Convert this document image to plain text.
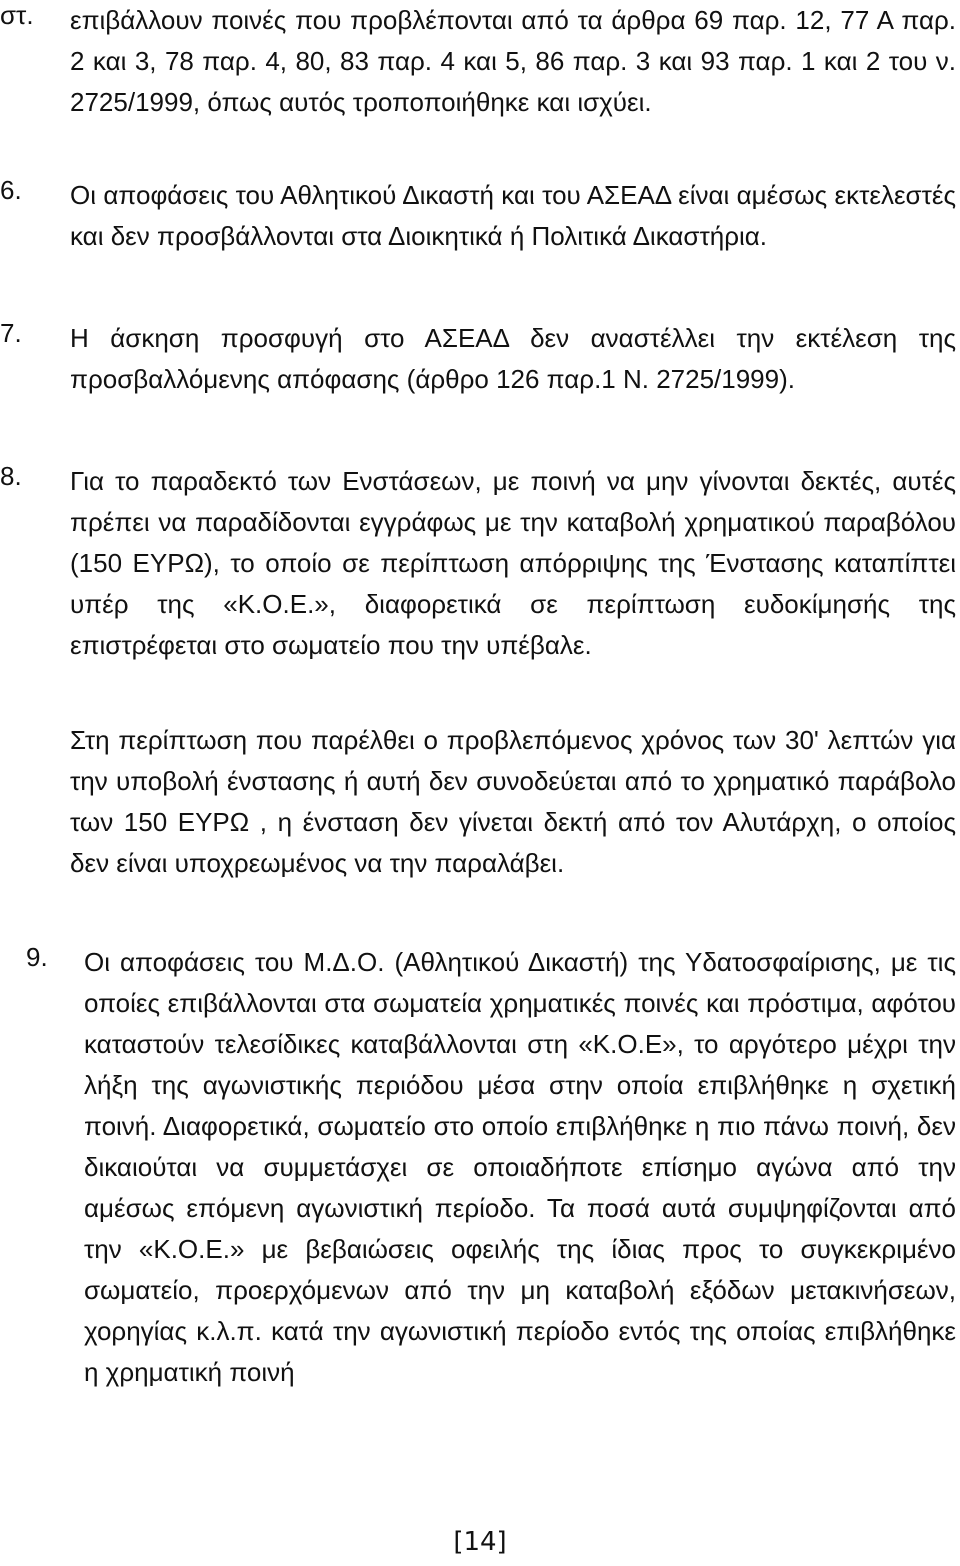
στ. επιβάλλουν ποινές που προβλέπονται από τα άρθρα 69 παρ. 12, 77 Α παρ. 2 και 3, 78 παρ. 4, 80, 83 παρ. 4 και 5, 86 παρ. 3 και 93 παρ. 1 και 2 του ν. 2725/1999, όπως αυτός τροποποιήθηκε και ισχύει.

6. Οι αποφάσεις του Αθλητικού Δικαστή και του ΑΣΕΑΔ είναι αμέσως εκτελεστές και δεν προσβάλλονται στα Διοικητικά ή Πολιτικά Δικαστήρια.

7. Η άσκηση προσφυγή στο ΑΣΕΑΔ δεν αναστέλλει την εκτέλεση της προσβαλλόμενης απόφασης (άρθρο 126 παρ.1 Ν. 2725/1999).

8. Για το παραδεκτό των Ενστάσεων, με ποινή να μην γίνονται δεκτές, αυτές πρέπει να παραδίδονται εγγράφως με την καταβολή χρηματικού παραβόλου (150 ΕΥΡΩ), το οποίο σε περίπτωση απόρριψης της Ένστασης καταπίπτει υπέρ της «Κ.Ο.Ε.», διαφορετικά σε περίπτωση ευδοκίμησής της επιστρέφεται στο σωματείο που την υπέβαλε.

Στη περίπτωση που παρέλθει ο προβλεπόμενος χρόνος των 30' λεπτών για την υποβολή ένστασης ή αυτή δεν συνοδεύεται από το χρηματικό παράβολο των 150 ΕΥΡΩ , η ένσταση δεν γίνεται δεκτή από τον Αλυτάρχη, ο οποίος δεν είναι υποχρεωμένος να την παραλάβει.

9. Οι αποφάσεις του Μ.Δ.Ο. (Αθλητικού Δικαστή) της Υδατοσφαίρισης, με τις οποίες επιβάλλονται στα σωματεία χρηματικές ποινές και πρόστιμα, αφότου καταστούν τελεσίδικες καταβάλλονται στη «Κ.Ο.Ε», το αργότερο μέχρι την λήξη της αγωνιστικής περιόδου μέσα στην οποία επιβλήθηκε η σχετική ποινή. Διαφορετικά, σωματείο στο οποίο επιβλήθηκε η πιο πάνω ποινή, δεν δικαιούται να συμμετάσχει σε οποιαδήποτε επίσημο αγώνα από την αμέσως επόμενη αγωνιστική περίοδο. Τα ποσά αυτά συμψηφίζονται από την «Κ.Ο.Ε.» με βεβαιώσεις οφειλής της ίδιας προς το συγκεκριμένο σωματείο, προερχόμενων από την μη καταβολή εξόδων μετακινήσεων, χορηγίας κ.λ.π. κατά την αγωνιστική περίοδο εντός της οποίας επιβλήθηκε η χρηματική ποινή

[14]
